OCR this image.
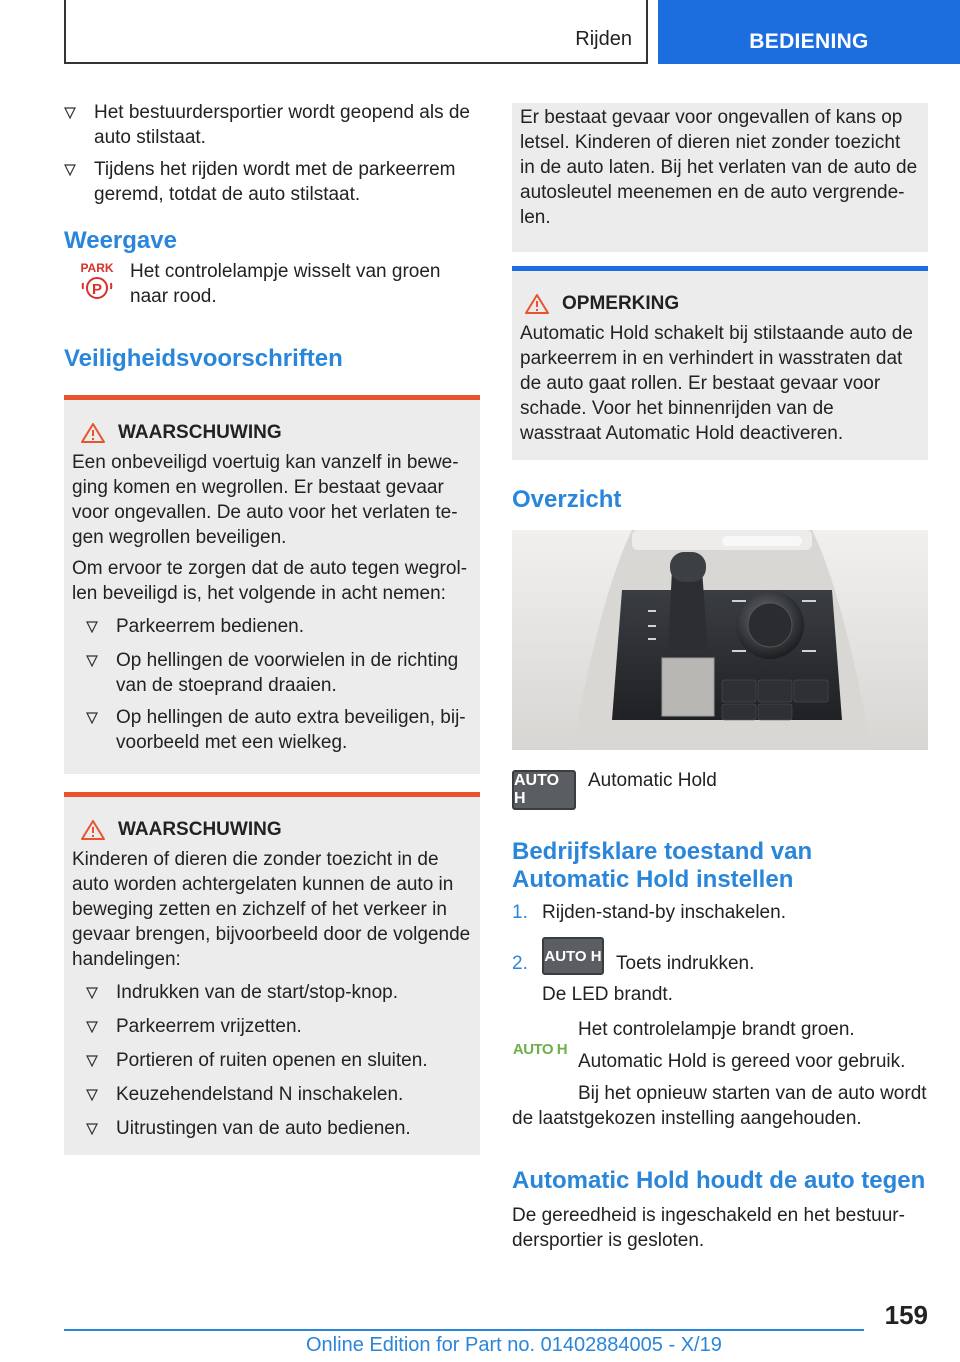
Rijden	BEDIENING
Het bestuurdersportier wordt geopend als de auto stilstaat.
Tijdens het rijden wordt met de parkeerrem geremd, totdat de auto stilstaat.
Weergave
PARK
P
Het controlelampje wisselt van groen naar rood.
Veiligheidsvoorschriften
WAARSCHUWING
Een onbeveiligd voertuig kan vanzelf in beweging komen en wegrollen. Er bestaat gevaar voor ongevallen. De auto voor het verlaten tegen wegrollen beveiligen.
Om ervoor te zorgen dat de auto tegen wegrollen beveiligd is, het volgende in acht nemen:
Parkeerrem bedienen.
Op hellingen de voorwielen in de richting van de stoeprand draaien.
Op hellingen de auto extra beveiligen, bijvoorbeeld met een wielkeg.
WAARSCHUWING
Kinderen of dieren die zonder toezicht in de auto worden achtergelaten kunnen de auto in beweging zetten en zichzelf of het verkeer in gevaar brengen, bijvoorbeeld door de volgende handelingen:
Indrukken van de start/stop-knop.
Parkeerrem vrijzetten.
Portieren of ruiten openen en sluiten.
Keuzehendelstand N inschakelen.
Uitrustingen van de auto bedienen.
Er bestaat gevaar voor ongevallen of kans op letsel. Kinderen of dieren niet zonder toezicht in de auto laten. Bij het verlaten van de auto de autosleutel meenemen en de auto vergrendelen.
OPMERKING
Automatic Hold schakelt bij stilstaande auto de parkeerrem in en verhindert in wasstraten dat de auto gaat rollen. Er bestaat gevaar voor schade. Voor het binnenrijden van de wasstraat Automatic Hold deactiveren.
Overzicht
AUTO H
Automatic Hold
Bedrijfsklare toestand van Automatic Hold instellen
1. Rijden-stand-by inschakelen.
2.	AUTO H Toets indrukken.
De LED brandt.
AUTO H
Het controlelampje brandt groen.
Automatic Hold is gereed voor gebruik.
Bij het opnieuw starten van de auto wordt de laatstgekozen instelling aangehouden.
Automatic Hold houdt de auto tegen
De gereedheid is ingeschakeld en het bestuurdersportier is gesloten.
159
Online Edition for Part no. 01402884005 - X/19
